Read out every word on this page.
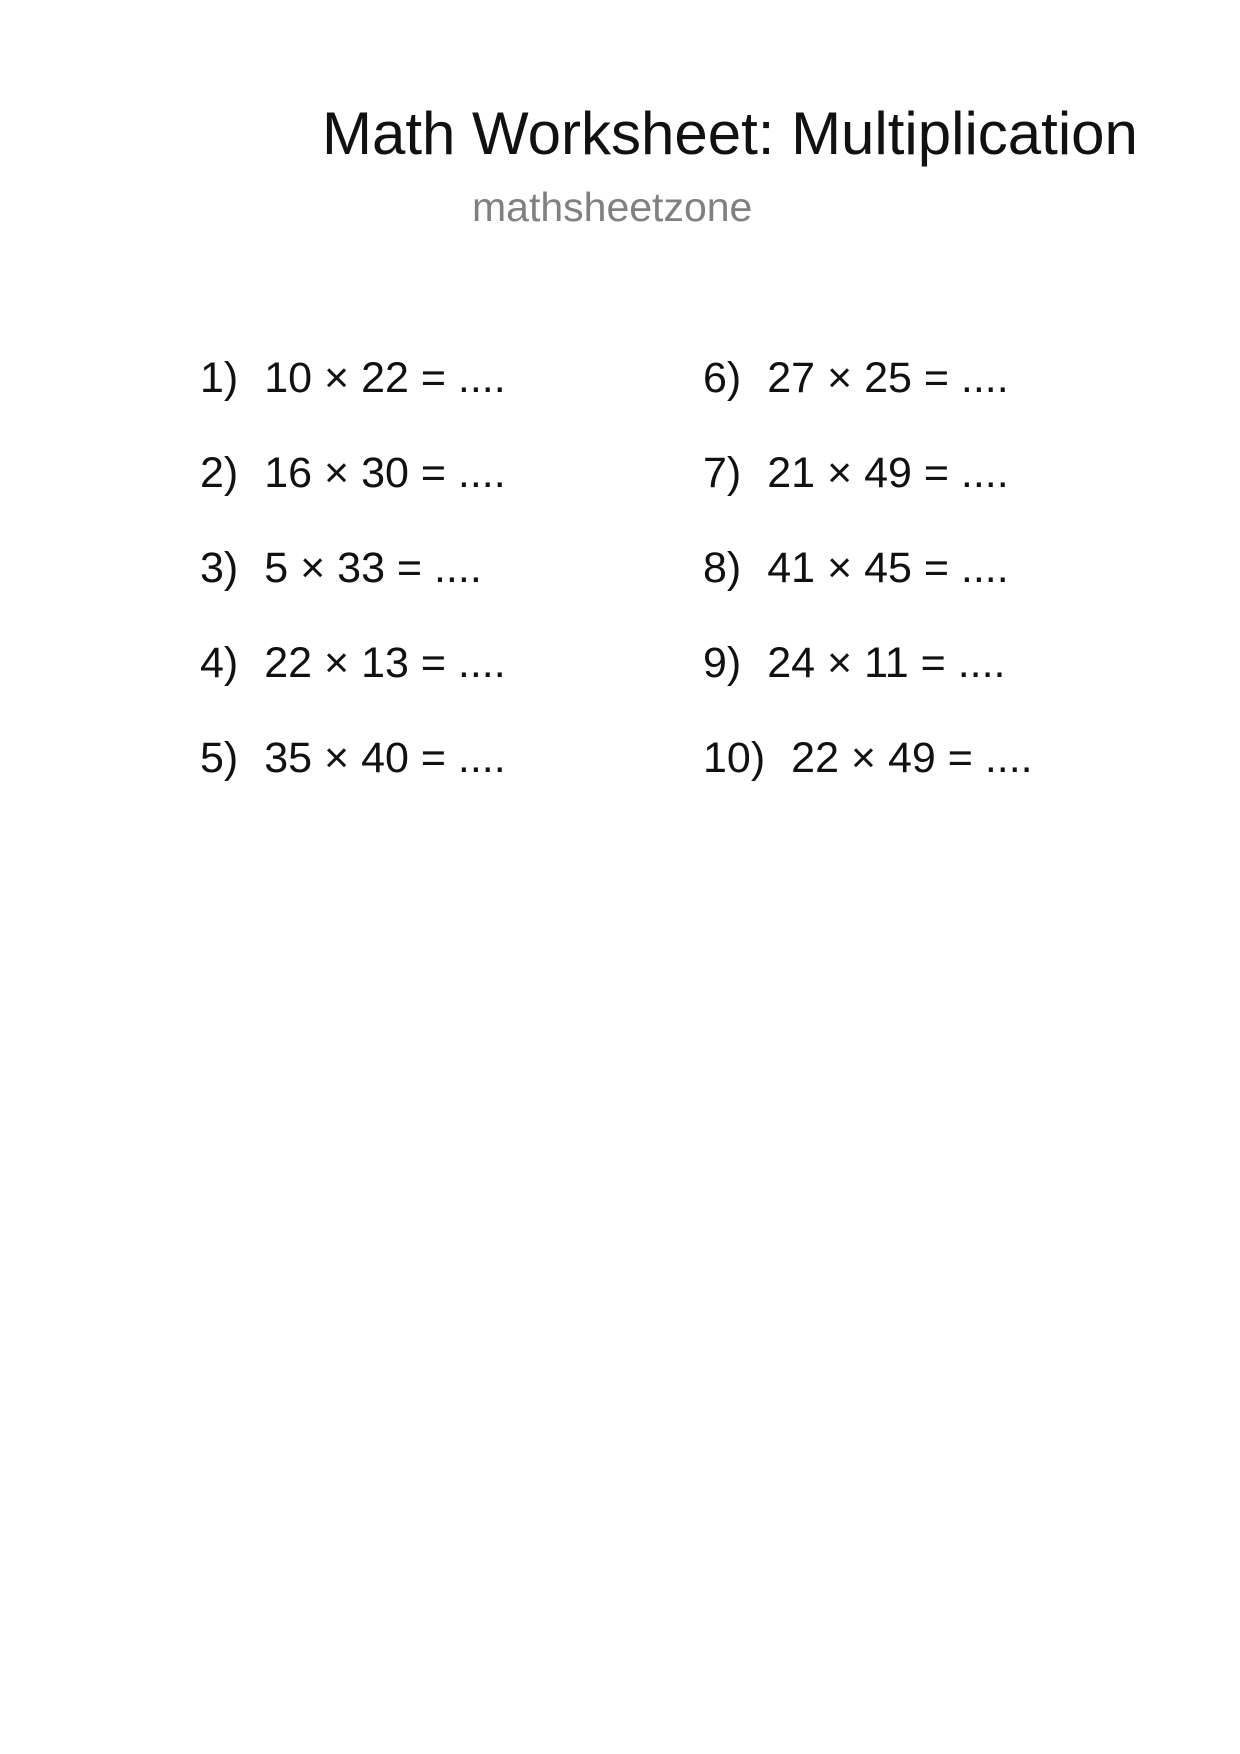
Math Worksheet: Multiplication
mathsheetzone
1) 10 × 22 = ....
2) 16 × 30 = ....
3) 5 × 33 = ....
4) 22 × 13 = ....
5) 35 × 40 = ....
6) 27 × 25 = ....
7) 21 × 49 = ....
8) 41 × 45 = ....
9) 24 × 11 = ....
10) 22 × 49 = ....
